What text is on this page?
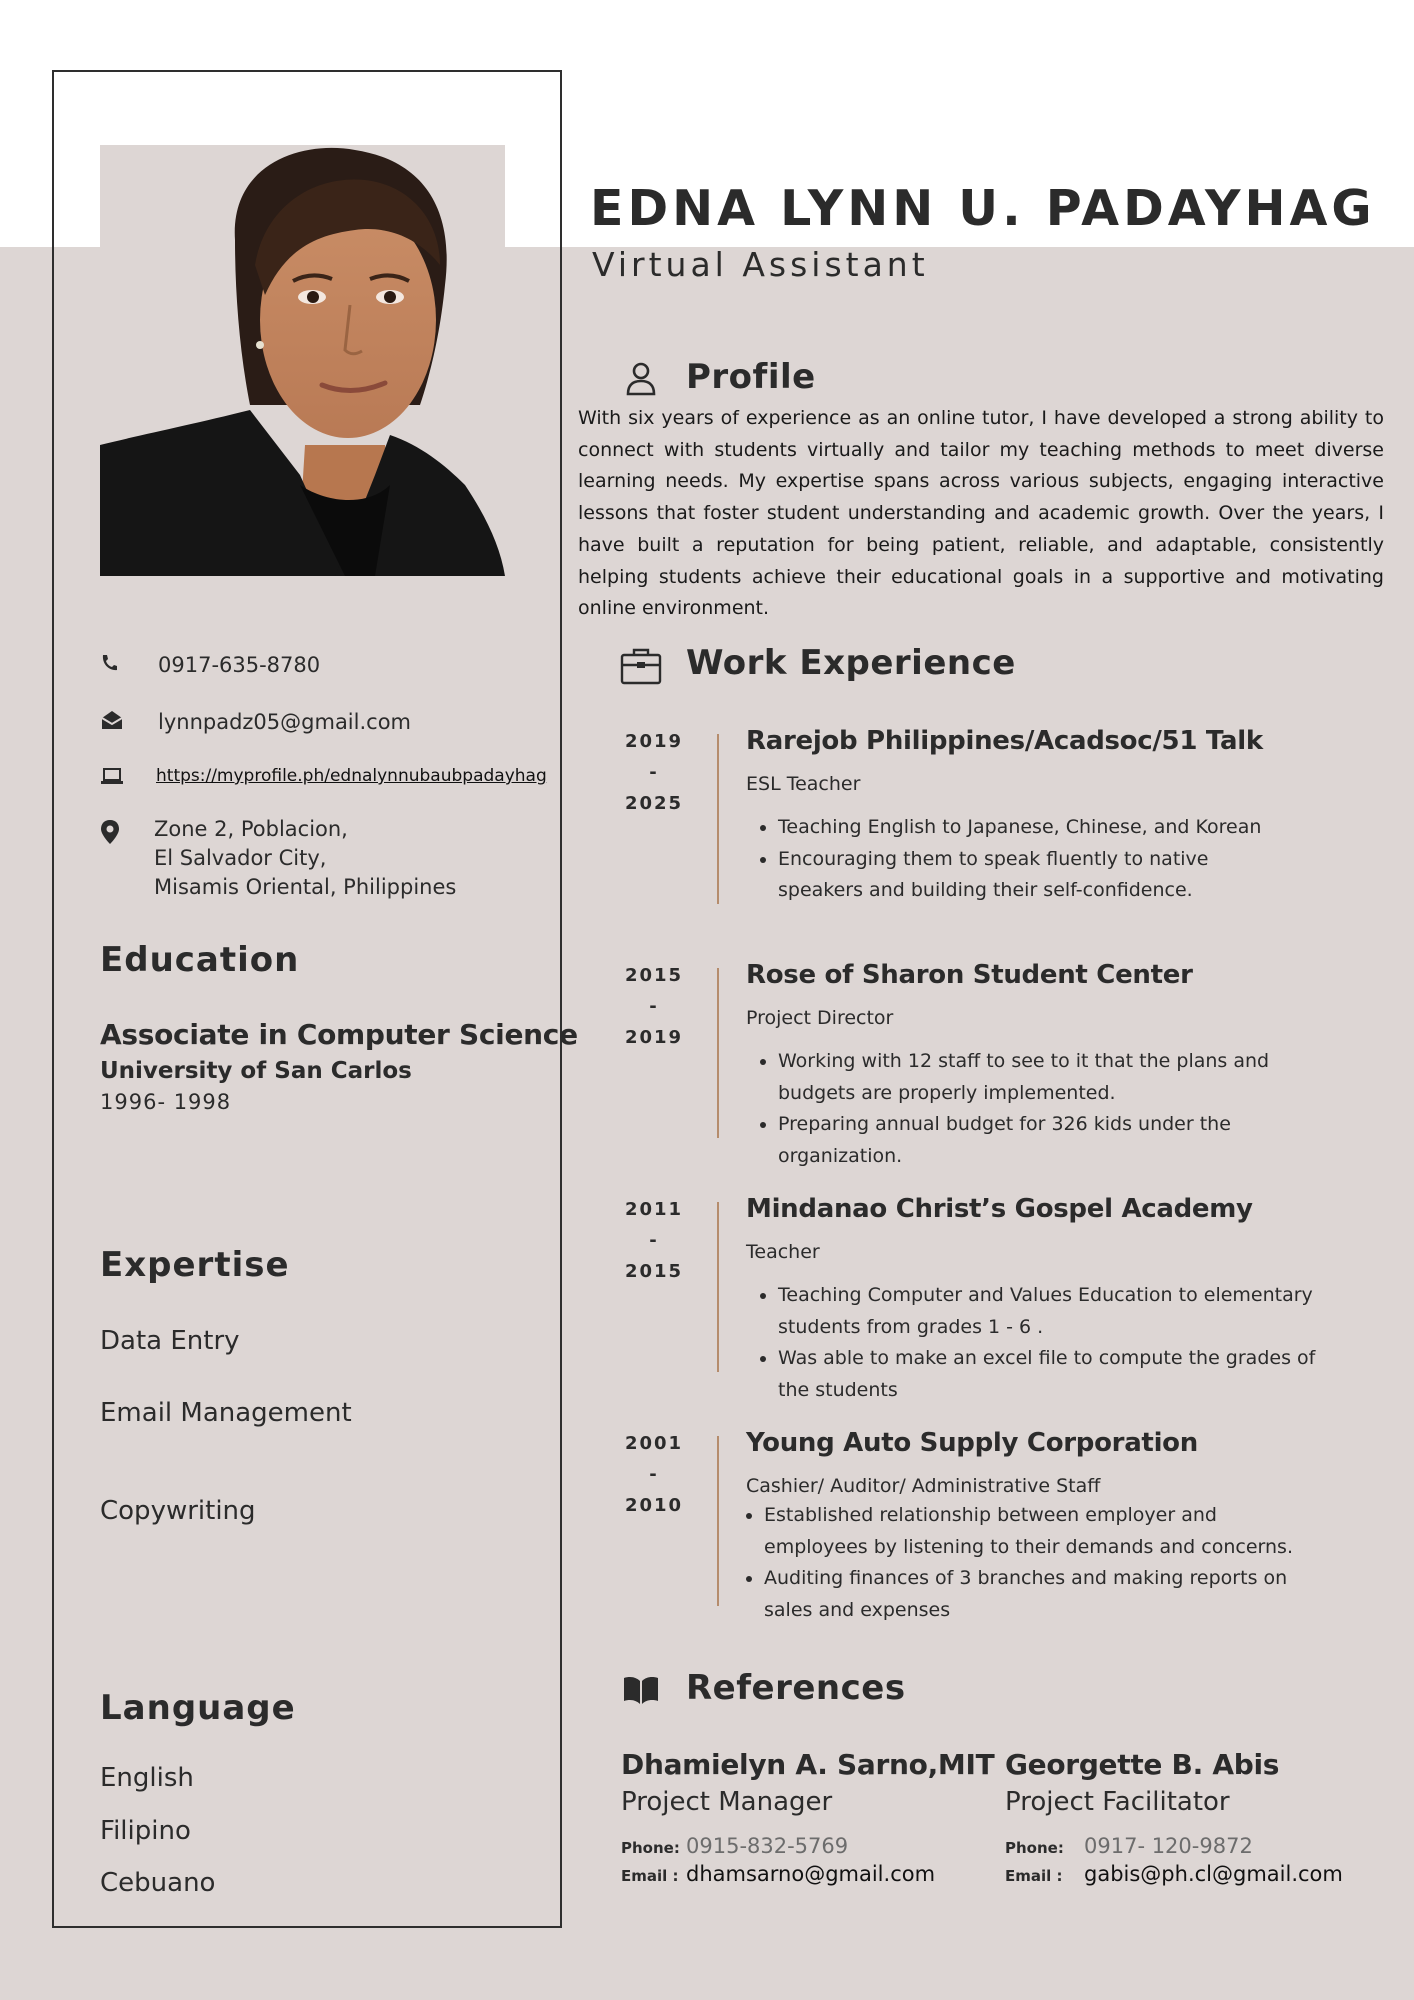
0917-635-8780
lynnpadz05@gmail.com
https://myprofile.ph/ednalynnubaubpadayhag
Zone 2, Poblacion,
El Salvador City,
Misamis Oriental, Philippines
Education
Associate in Computer Science
University of San Carlos
1996- 1998
Expertise
Data Entry
Email Management
Copywriting
Language
English
Filipino
Cebuano
EDNA LYNN U. PADAYHAG
Virtual Assistant
Profile

With six years of experience as an online tutor, I have developed a strong ability to connect with students virtually and tailor my teaching methods to meet diverse learning needs. My expertise spans across various subjects, engaging interactive lessons that foster student understanding and academic growth. Over the years, I have built a reputation for being patient, reliable, and adaptable, consistently helping students achieve their educational goals in a supportive and motivating online environment.

Work Experience
2019
-
2025
Rarejob Philippines/Acadsoc/51 Talk
ESL Teacher
• Teaching English to Japanese, Chinese, and Korean
• Encouraging them to speak fluently to native speakers and building their self-confidence.
2015
-
2019
Rose of Sharon Student Center
Project Director
• Working with 12 staff to see to it that the plans and budgets are properly implemented.
• Preparing annual budget for 326 kids under the organization.
2011
-
2015
Mindanao Christ’s Gospel Academy
Teacher
• Teaching Computer and Values Education to elementary students from grades 1 - 6 .
• Was able to make an excel file to compute the grades of the students
2001
-
2010
Young Auto Supply Corporation
Cashier/ Auditor/ Administrative Staff
• Established relationship between employer and employees by listening to their demands and concerns.
• Auditing finances of 3 branches and making reports on sales and expenses
References
Dhamielyn A. Sarno,MIT
Project Manager
Phone: 0915-832-5769
Email : dhamsarno@gmail.com
Georgette B. Abis
Project Facilitator
Phone: 0917- 120-9872
Email :	gabis@ph.cl@gmail.com
